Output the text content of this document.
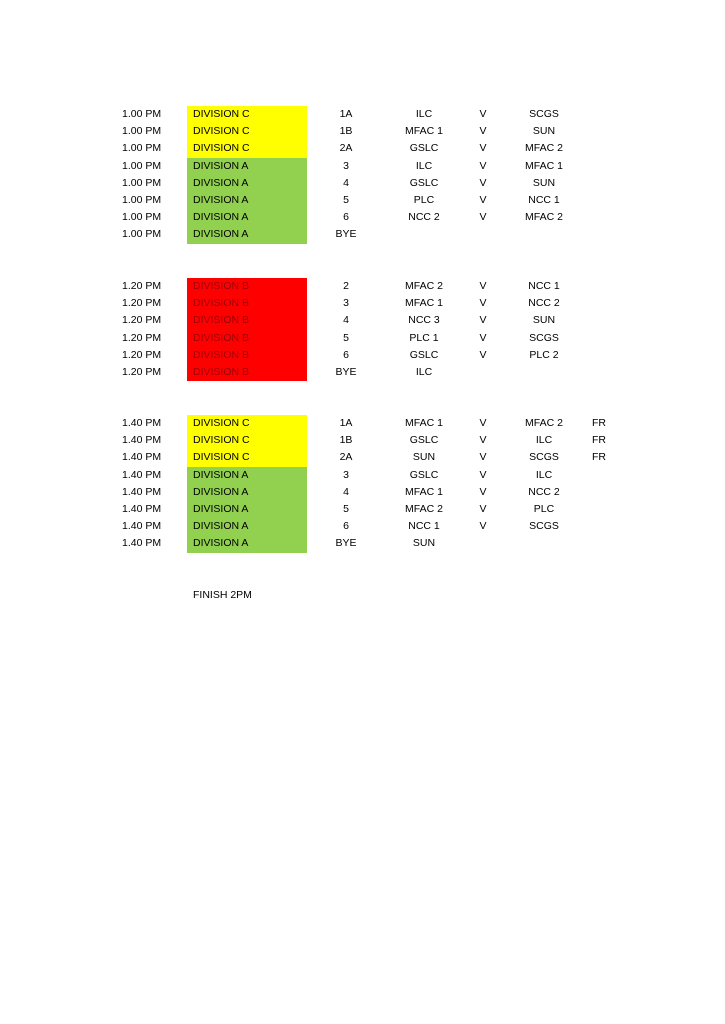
1.00 PM	DIVISION C	1A	ILC	V	SCGS
1.00 PM	DIVISION C	1B	MFAC 1	V	SUN
1.00 PM	DIVISION C	2A	GSLC	V	MFAC 2
1.00 PM	DIVISION A	3	ILC	V	MFAC 1
1.00 PM	DIVISION A	4	GSLC	V	SUN
1.00 PM	DIVISION A	5	PLC	V	NCC 1
1.00 PM	DIVISION A	6	NCC 2	V	MFAC 2
1.00 PM	DIVISION A	BYE
1.20 PM	DIVISION B	2	MFAC 2	V	NCC 1
1.20 PM	DIVISION B	3	MFAC 1	V	NCC 2
1.20 PM	DIVISION B	4	NCC 3	V	SUN
1.20 PM	DIVISION B	5	PLC 1	V	SCGS
1.20 PM	DIVISION B	6	GSLC	V	PLC 2
1.20 PM	DIVISION B	BYE	ILC
1.40 PM	DIVISION C	1A	MFAC 1	V	MFAC 2	FR
1.40 PM	DIVISION C	1B	GSLC	V	ILC	FR
1.40 PM	DIVISION C	2A	SUN	V	SCGS	FR
1.40 PM	DIVISION A	3	GSLC	V	ILC
1.40 PM	DIVISION A	4	MFAC 1	V	NCC 2
1.40 PM	DIVISION A	5	MFAC 2	V	PLC
1.40 PM	DIVISION A	6	NCC 1	V	SCGS
1.40 PM	DIVISION A	BYE	SUN
FINISH 2PM
